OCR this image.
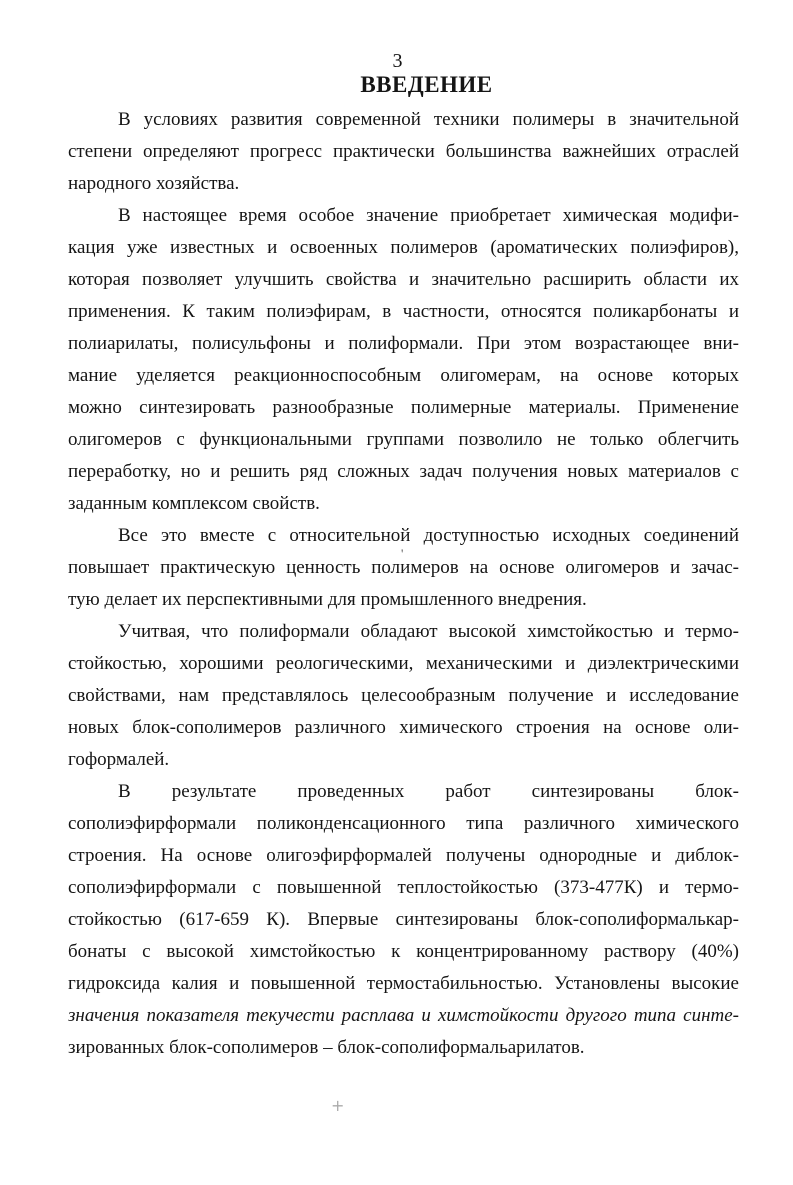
3
ВВЕДЕНИЕ
В условиях развития современной техники полимеры в значительной
степени определяют прогресс практически большинства важнейших отраслей
народного хозяйства.
В настоящее время особое значение приобретает химическая модифи-
кация уже известных и освоенных полимеров (ароматических полиэфиров),
которая позволяет улучшить свойства и значительно расширить области их
применения. К таким полиэфирам, в частности, относятся поликарбонаты и
полиарилаты, полисульфоны и полиформали. При этом возрастающее вни-
мание уделяется реакционноспособным олигомерам, на основе которых
можно синтезировать разнообразные полимерные материалы. Применение
олигомеров с функциональными группами позволило не только облегчить
переработку, но и решить ряд сложных задач получения новых материалов с
заданным комплексом свойств.
Все это вместе с относительной доступностью исходных соединений
повышает практическую ценность полимеров на основе олигомеров и зачас-
тую делает их перспективными для промышленного внедрения.
Учитвая, что полиформали обладают высокой химстойкостью и термо-
стойкостью, хорошими реологическими, механическими и диэлектрическими
свойствами, нам представлялось целесообразным получение и исследование
новых блок-сополимеров различного химического строения на основе оли-
гоформалей.
В результате проведенных работ синтезированы блок-
сополиэфирформали поликонденсационного типа различного химического
строения. На основе олигоэфирформалей получены однородные и диблок-
сополиэфирформали с повышенной теплостойкостью (373-477К) и термо-
стойкостью (617-659 К). Впервые синтезированы блок-сополиформалькар-
бонаты с высокой химстойкостью к концентрированному раствору (40%)
гидроксида калия и повышенной термостабильностью. Установлены высокие
значения показателя текучести расплава и химстойкости другого типа синте-
зированных блок-сополимеров – блок-сополиформальарилатов.
'
+
